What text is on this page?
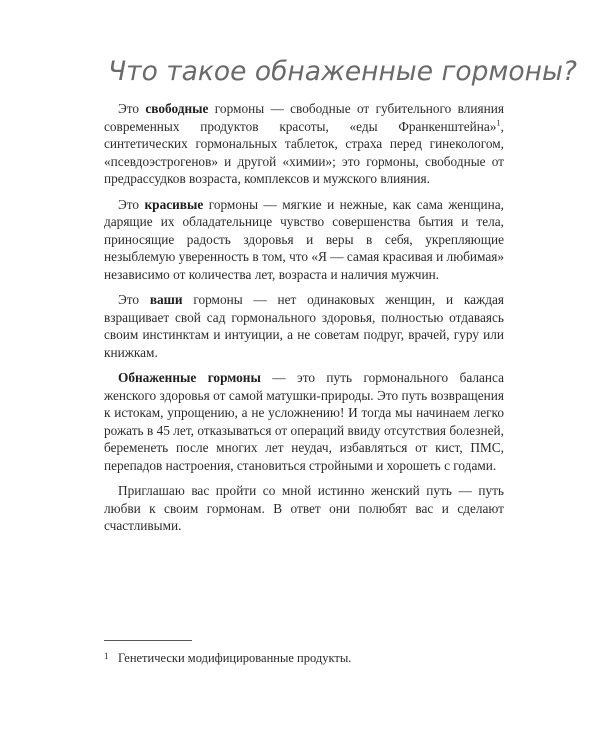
Что такое обнаженные гормоны?

Это свободные гормоны — свободные от губительного влияния современных продуктов красоты, «еды Франкенштейна»$^1$, синтетических гормональных таблеток, страха перед гинекологом, «псевдоэстрогенов» и другой «химии»; это гормоны, свободные от предрассудков возраста, комплексов и мужского влияния.

Это красивые гормоны — мягкие и нежные, как сама женщина, дарящие их обладательнице чувство совершенства бытия и тела, приносящие радость здоровья и веры в себя, укрепляющие незыблемую уверенность в том, что «Я — самая красивая и любимая» независимо от количества лет, возраста и наличия мужчин.

Это ваши гормоны — нет одинаковых женщин, и каждая взращивает свой сад гормонального здоровья, полностью отдаваясь своим инстинктам и интуиции, а не советам подруг, врачей, гуру или книжкам.

Обнаженные гормоны — это путь гормонального баланса женского здоровья от самой матушки-природы. Это путь возвращения к истокам, упрощению, а не усложнению! И тогда мы начинаем легко рожать в 45 лет, отказываться от операций ввиду отсутствия болезней, беременеть после многих лет неудач, избавляться от кист, ПМС, перепадов настроения, становиться стройными и хорошеть с годами.

Приглашаю вас пройти со мной истинно женский путь — путь любви к своим гормонам. В ответ они полюбят вас и сделают счастливыми.

1 Генетически модифицированные продукты.
